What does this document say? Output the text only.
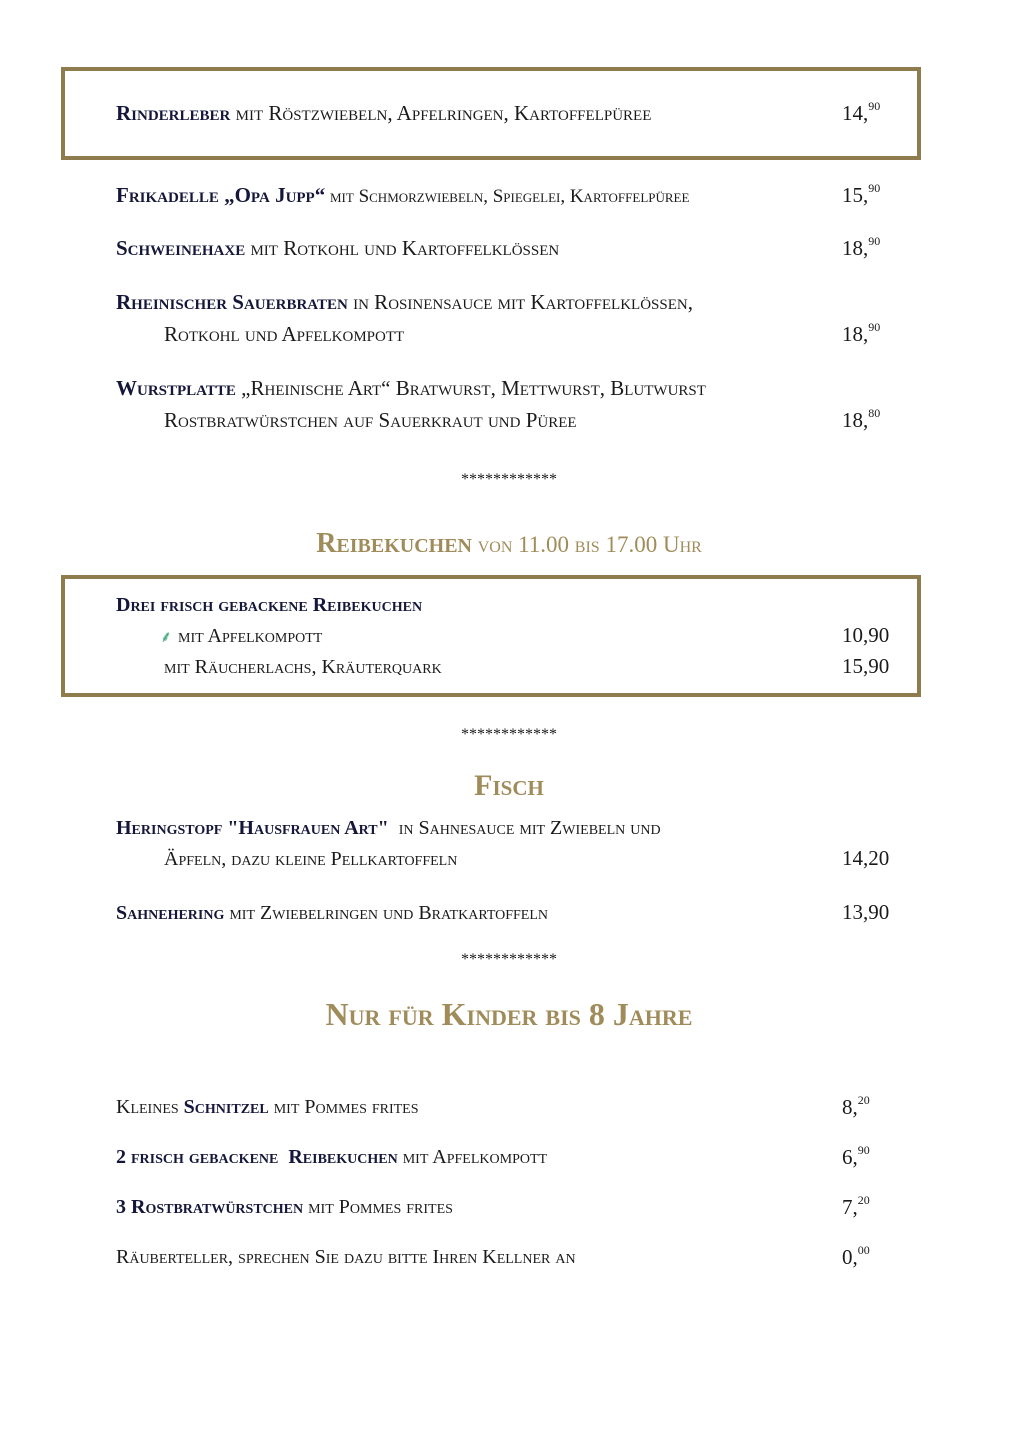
Rinderleber mit Röstzwiebeln, Apfelringen, Kartoffelpüree	14,90
Frikadelle „Opa Jupp“ mit Schmorzwiebeln, Spiegelei, Kartoffelpüree	15,90
Schweinehaxe mit Rotkohl und Kartoffelklößen	18,90
Rheinischer Sauerbraten in Rosinensauce mit Kartoffelklößen,
Rotkohl und Apfelkompott	18,90
Wurstplatte „Rheinische Art“ Bratwurst, Mettwurst, Blutwurst
Rostbratwürstchen auf Sauerkraut und Püree	18,80
************
Reibekuchen von 11.00 bis 17.00 Uhr
Drei frisch gebackene Reibekuchen
⸙ mit Apfelkompott	10,90
mit Räucherlachs, Kräuterquark	15,90
************
Fisch
Heringstopf "Hausfrauen Art"  in Sahnesauce mit Zwiebeln und
Äpfeln, dazu kleine Pellkartoffeln	14,20
Sahnehering mit Zwiebelringen und Bratkartoffeln	13,90
************
Nur für Kinder bis 8 Jahre
Kleines Schnitzel mit Pommes frites	8,20
2 frisch gebackene  Reibekuchen mit Apfelkompott	6,90
3 Rostbratwürstchen mit Pommes frites	7,20
Räuberteller, sprechen Sie dazu bitte Ihren Kellner an	0,00
